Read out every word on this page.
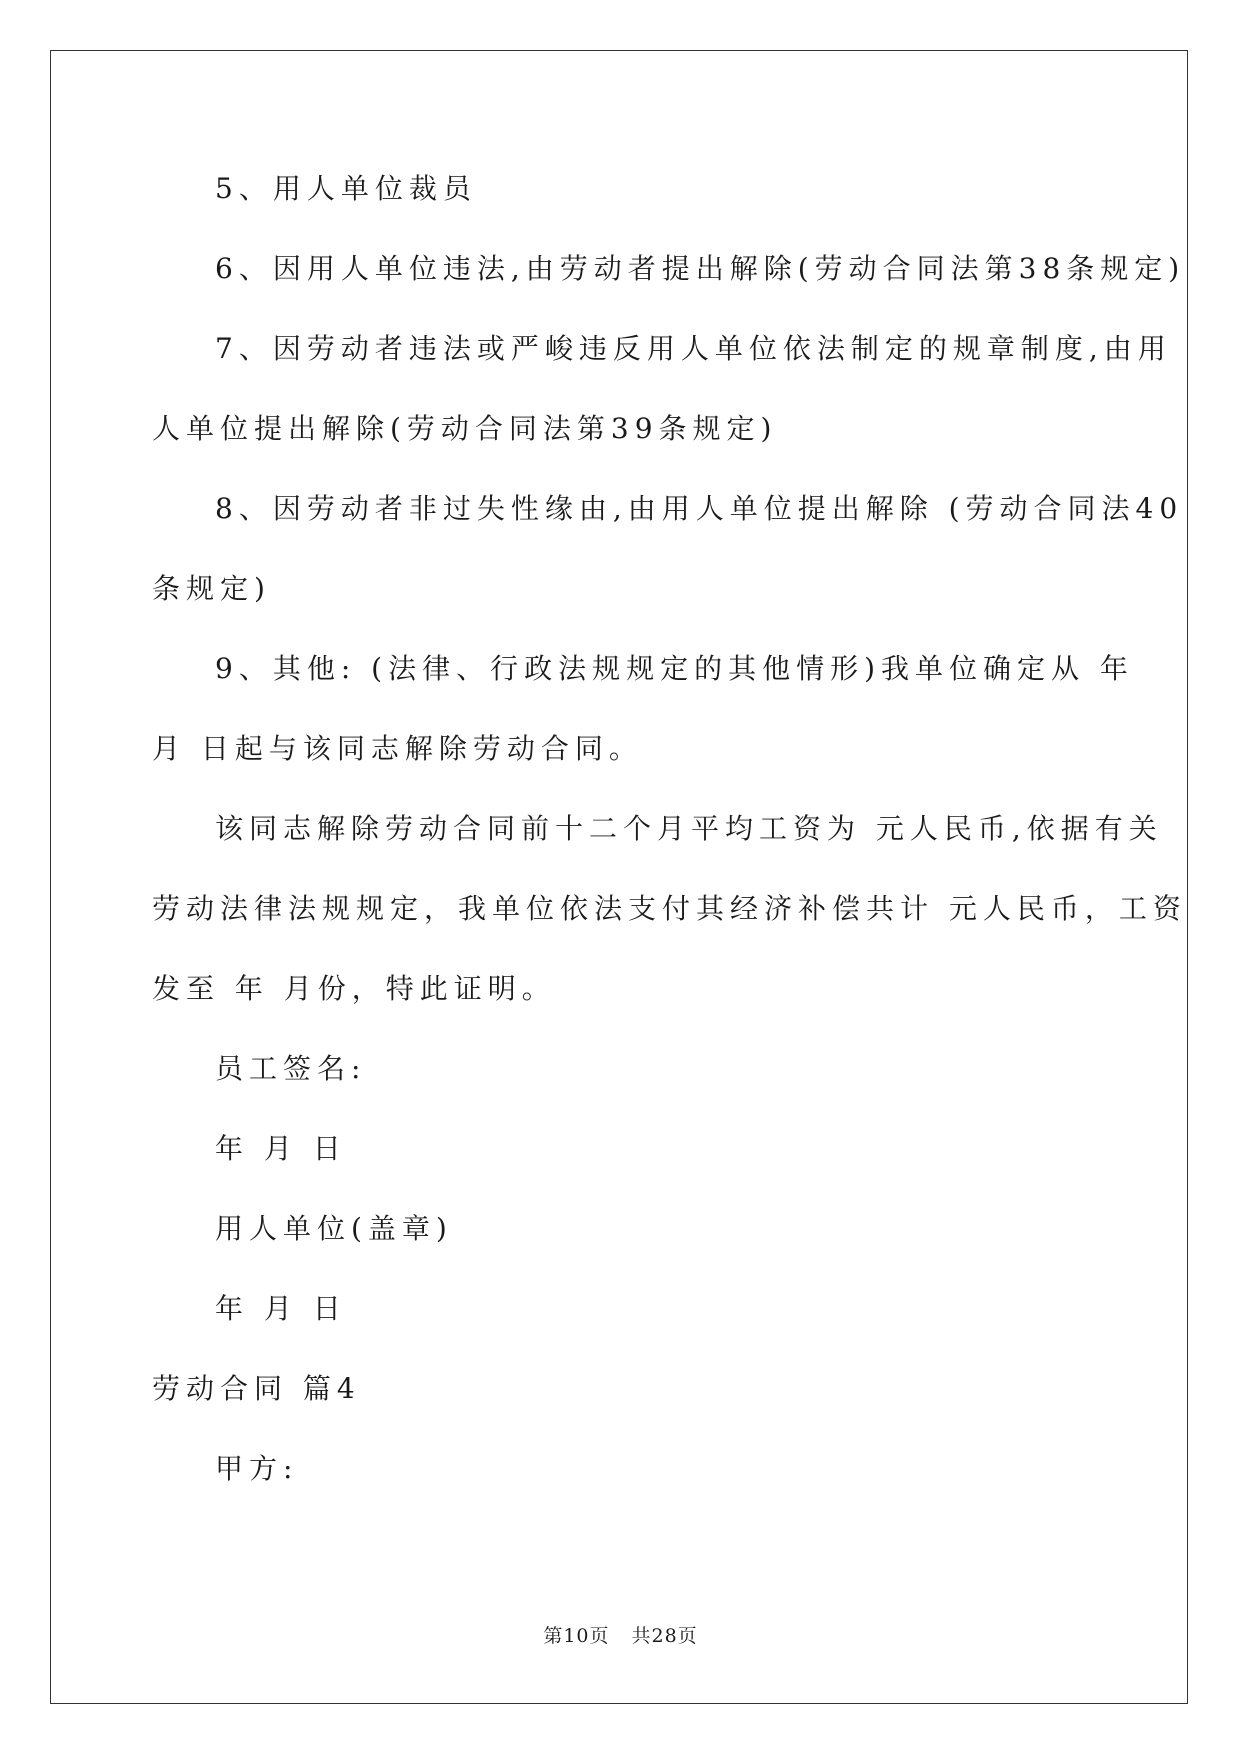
5、用人单位裁员

6、因用人单位违法,由劳动者提出解除(劳动合同法第38条规定)

7、因劳动者违法或严峻违反用人单位依法制定的规章制度,由用

人单位提出解除(劳动合同法第39条规定)

8、因劳动者非过失性缘由,由用人单位提出解除 (劳动合同法40

条规定)

9、其他: (法律、行政法规规定的其他情形)我单位确定从 年

月 日起与该同志解除劳动合同。

该同志解除劳动合同前十二个月平均工资为 元人民币,依据有关

劳动法律法规规定，我单位依法支付其经济补偿共计 元人民币，工资

发至 年 月份，特此证明。

员工签名:

年 月 日

用人单位(盖章)

年 月 日

劳动合同 篇4

甲方:

第10页 共28页
